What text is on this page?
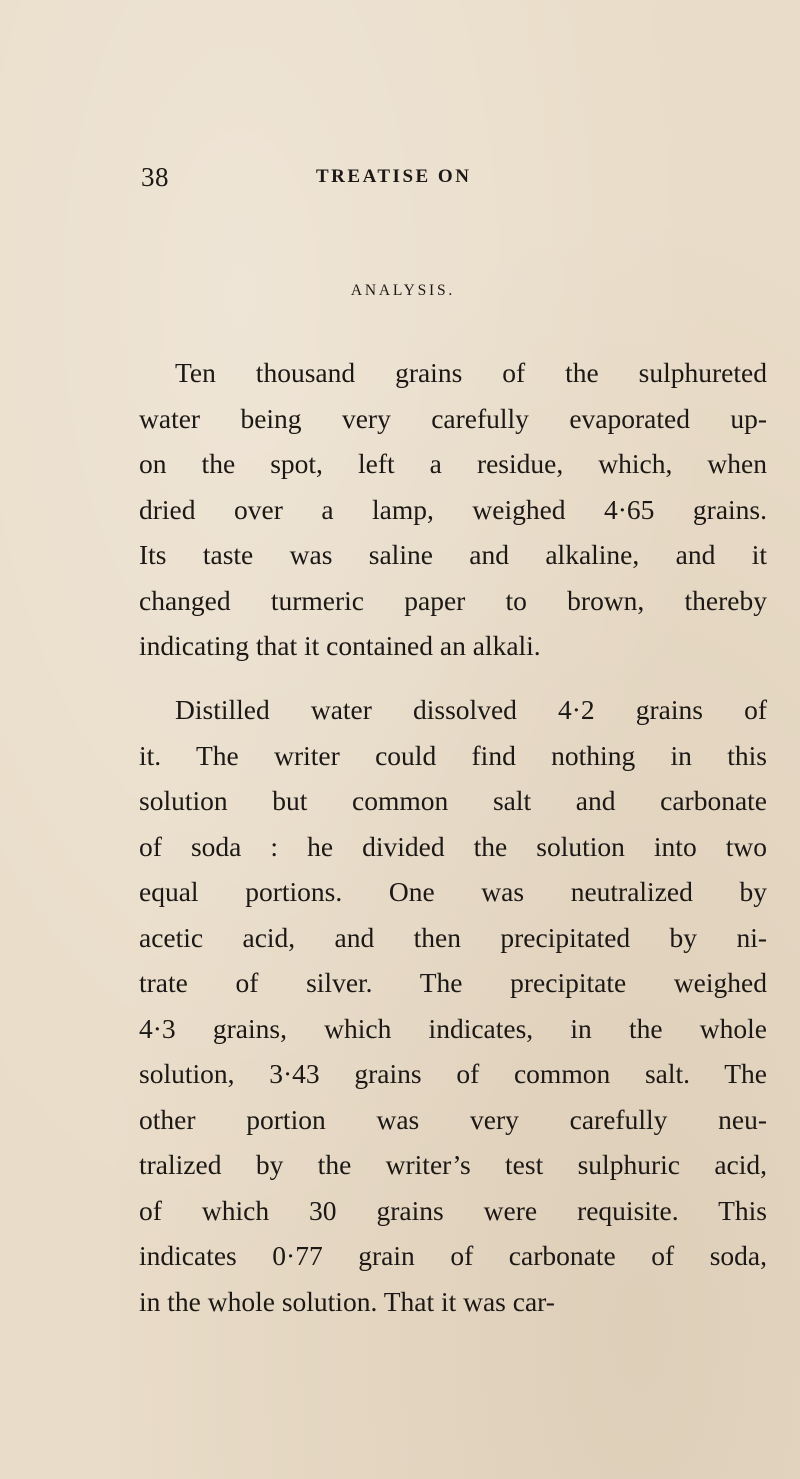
38	TREATISE ON
ANALYSIS.

Ten thousand grains of the sulphureted
water being very carefully evaporated up-
on the spot, left a residue, which, when
dried over a lamp, weighed 4·65 grains.
Its taste was saline and alkaline, and it
changed turmeric paper to brown, thereby
indicating that it contained an alkali.

Distilled water dissolved 4·2 grains of
it. The writer could find nothing in this
solution but common salt and carbonate
of soda : he divided the solution into two
equal portions. One was neutralized by
acetic acid, and then precipitated by ni-
trate of silver. The precipitate weighed
4·3 grains, which indicates, in the whole
solution, 3·43 grains of common salt. The
other portion was very carefully neu-
tralized by the writer’s test sulphuric acid,
of which 30 grains were requisite. This
indicates 0·77 grain of carbonate of soda,
in the whole solution. That it was car-
